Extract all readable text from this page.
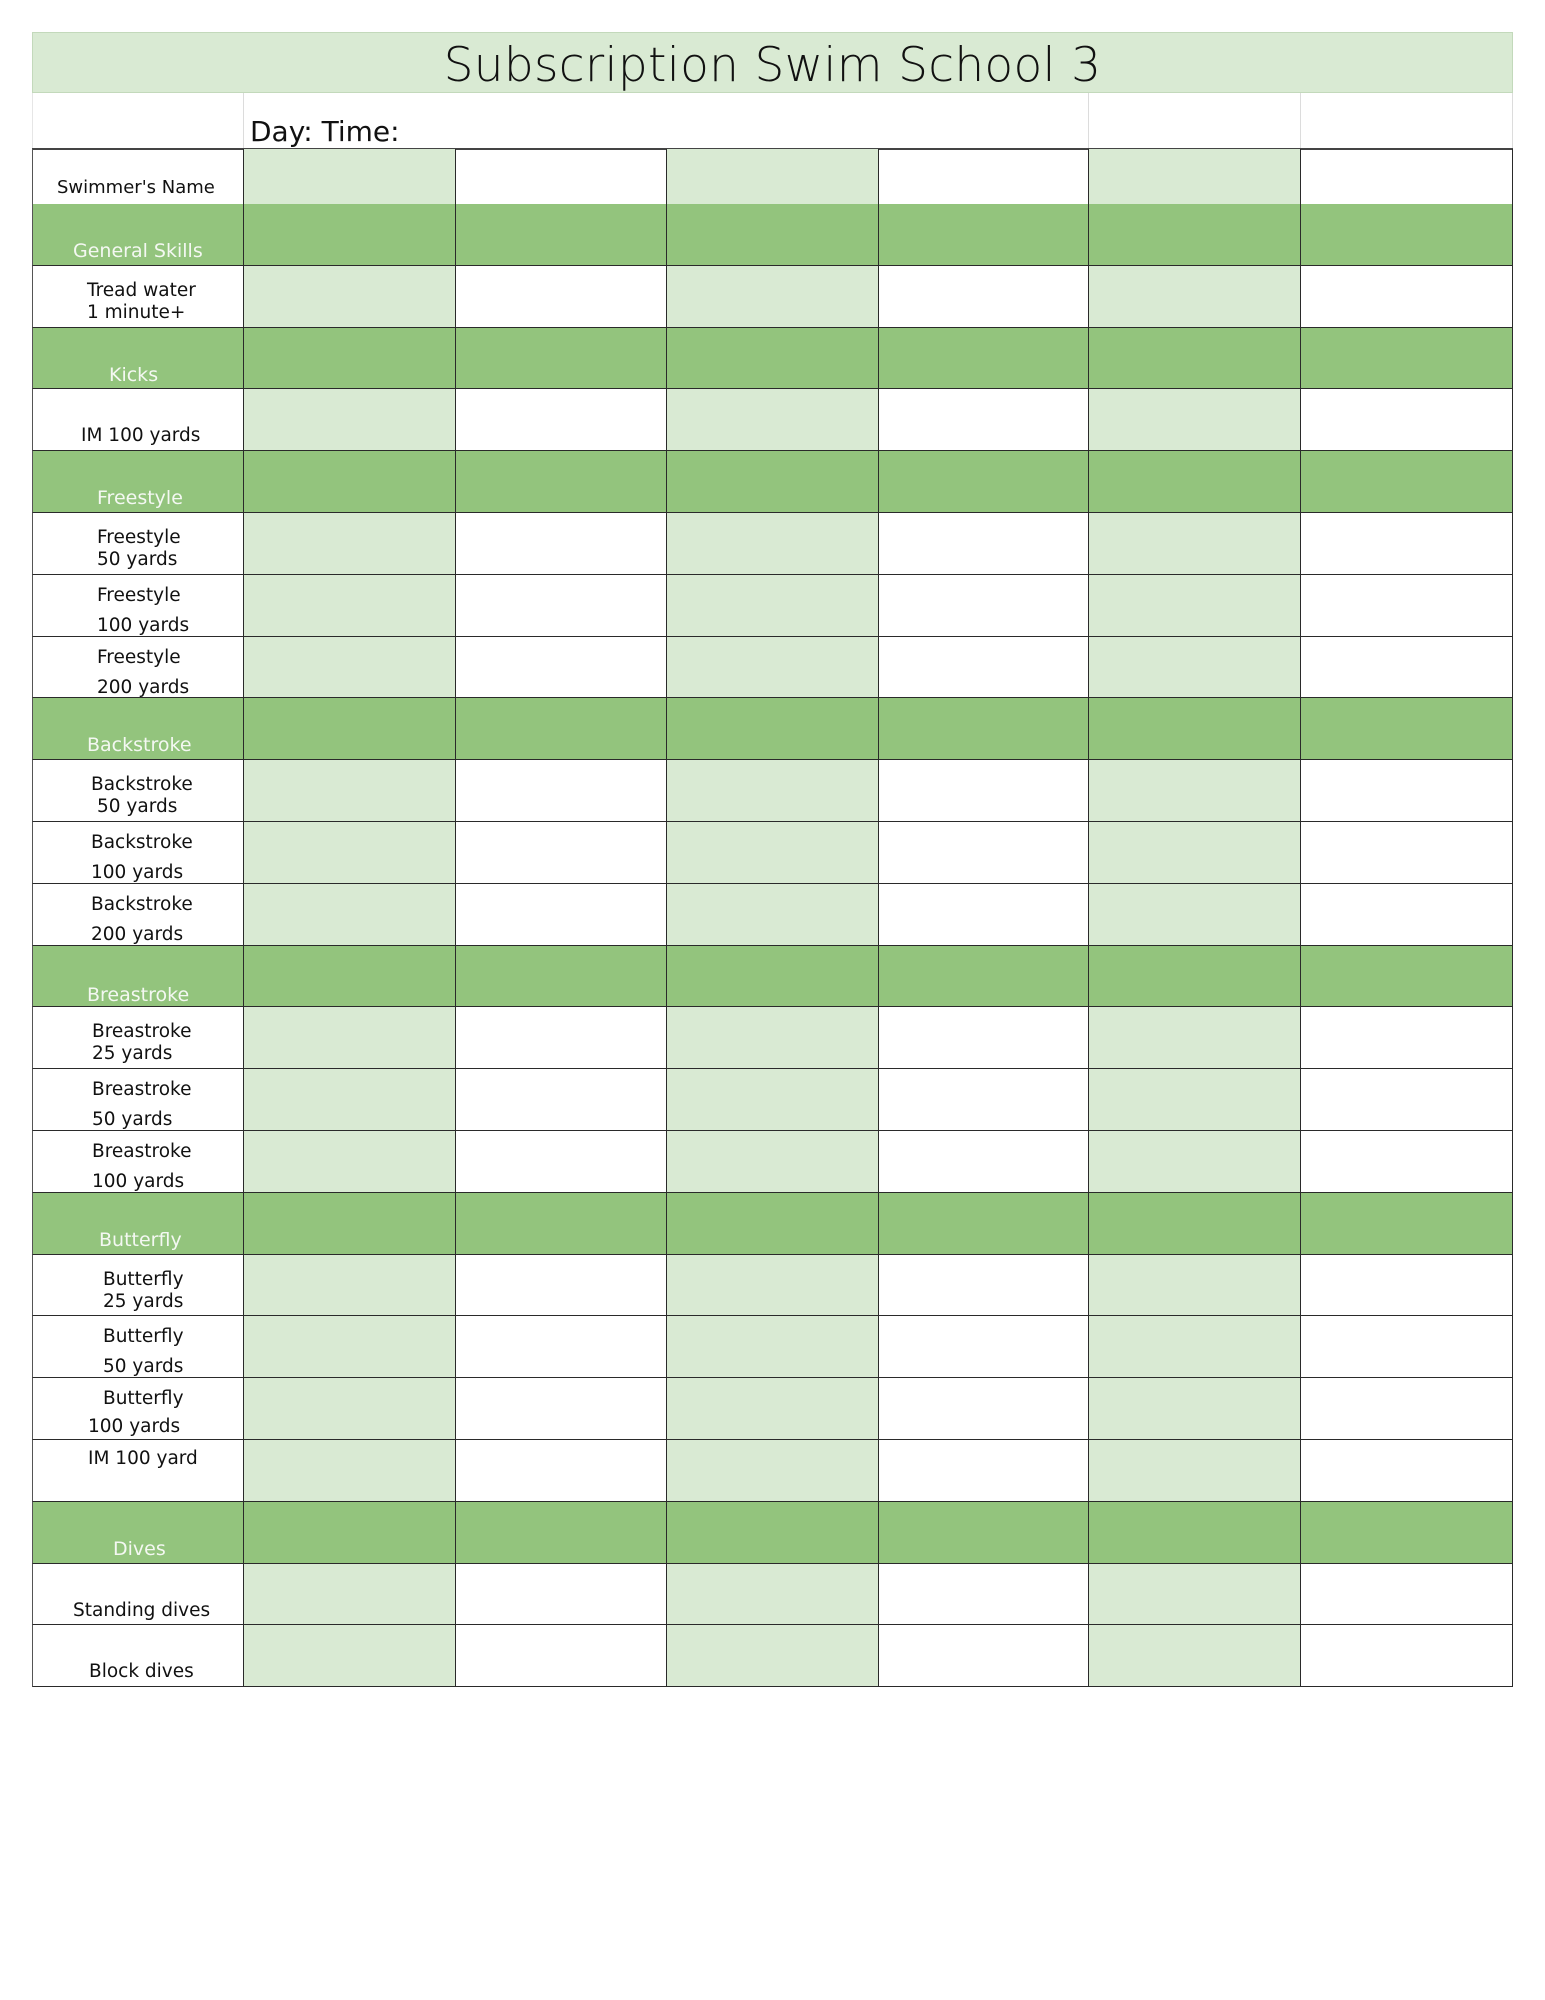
Subscription Swim School 3
Day: Time:
Swimmer's Name
General Skills
Tread water
1 minute+
Kicks
IM 100 yards
Freestyle
Freestyle
50 yards
Freestyle
100 yards
Freestyle
200 yards
Backstroke
Backstroke
50 yards
Backstroke
100 yards
Backstroke
200 yards
Breastroke
Breastroke
25 yards
Breastroke
50 yards
Breastroke
100 yards
Butterfly
Butterfly
25 yards
Butterfly
50 yards
Butterfly
100 yards
IM 100 yard
Dives
Standing dives
Block dives
